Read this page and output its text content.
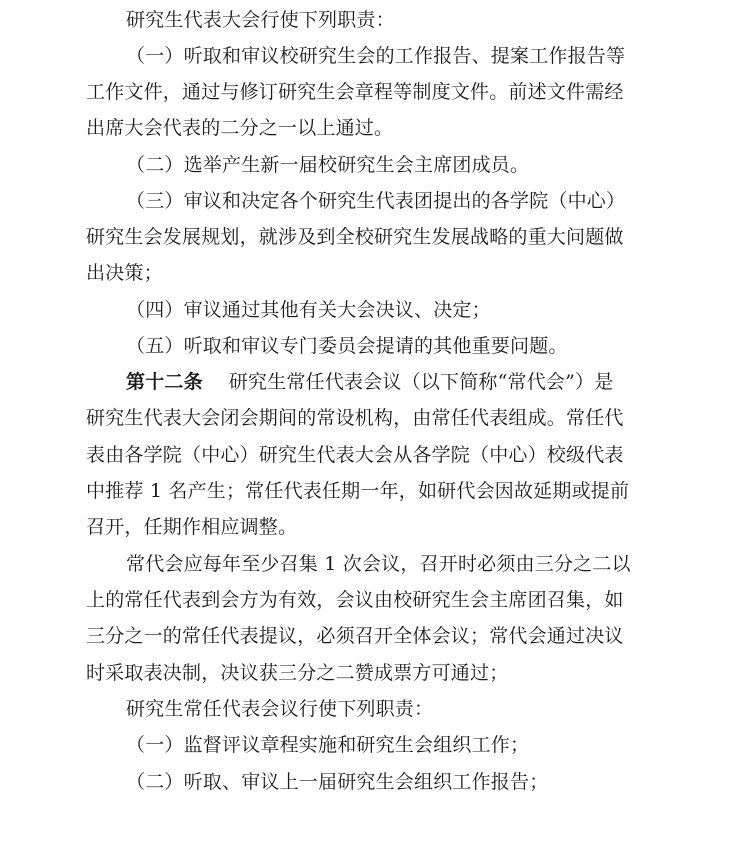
研究生代表大会行使下列职责：
（一）听取和审议校研究生会的工作报告、提案工作报告等
工作文件，通过与修订研究生会章程等制度文件。前述文件需经
出席大会代表的二分之一以上通过。
（二）选举产生新一届校研究生会主席团成员。
（三）审议和决定各个研究生代表团提出的各学院（中心）
研究生会发展规划，就涉及到全校研究生发展战略的重大问题做
出决策；
（四）审议通过其他有关大会决议、决定；
（五）听取和审议专门委员会提请的其他重要问题。
第十二条 研究生常任代表会议（以下简称“常代会”）是
研究生代表大会闭会期间的常设机构，由常任代表组成。常任代
表由各学院（中心）研究生代表大会从各学院（中心）校级代表
中推荐 1 名产生；常任代表任期一年，如研代会因故延期或提前
召开，任期作相应调整。
常代会应每年至少召集 1 次会议，召开时必须由三分之二以
上的常任代表到会方为有效，会议由校研究生会主席团召集，如
三分之一的常任代表提议，必须召开全体会议；常代会通过决议
时采取表决制，决议获三分之二赞成票方可通过；
研究生常任代表会议行使下列职责：
（一）监督评议章程实施和研究生会组织工作；
（二）听取、审议上一届研究生会组织工作报告；
